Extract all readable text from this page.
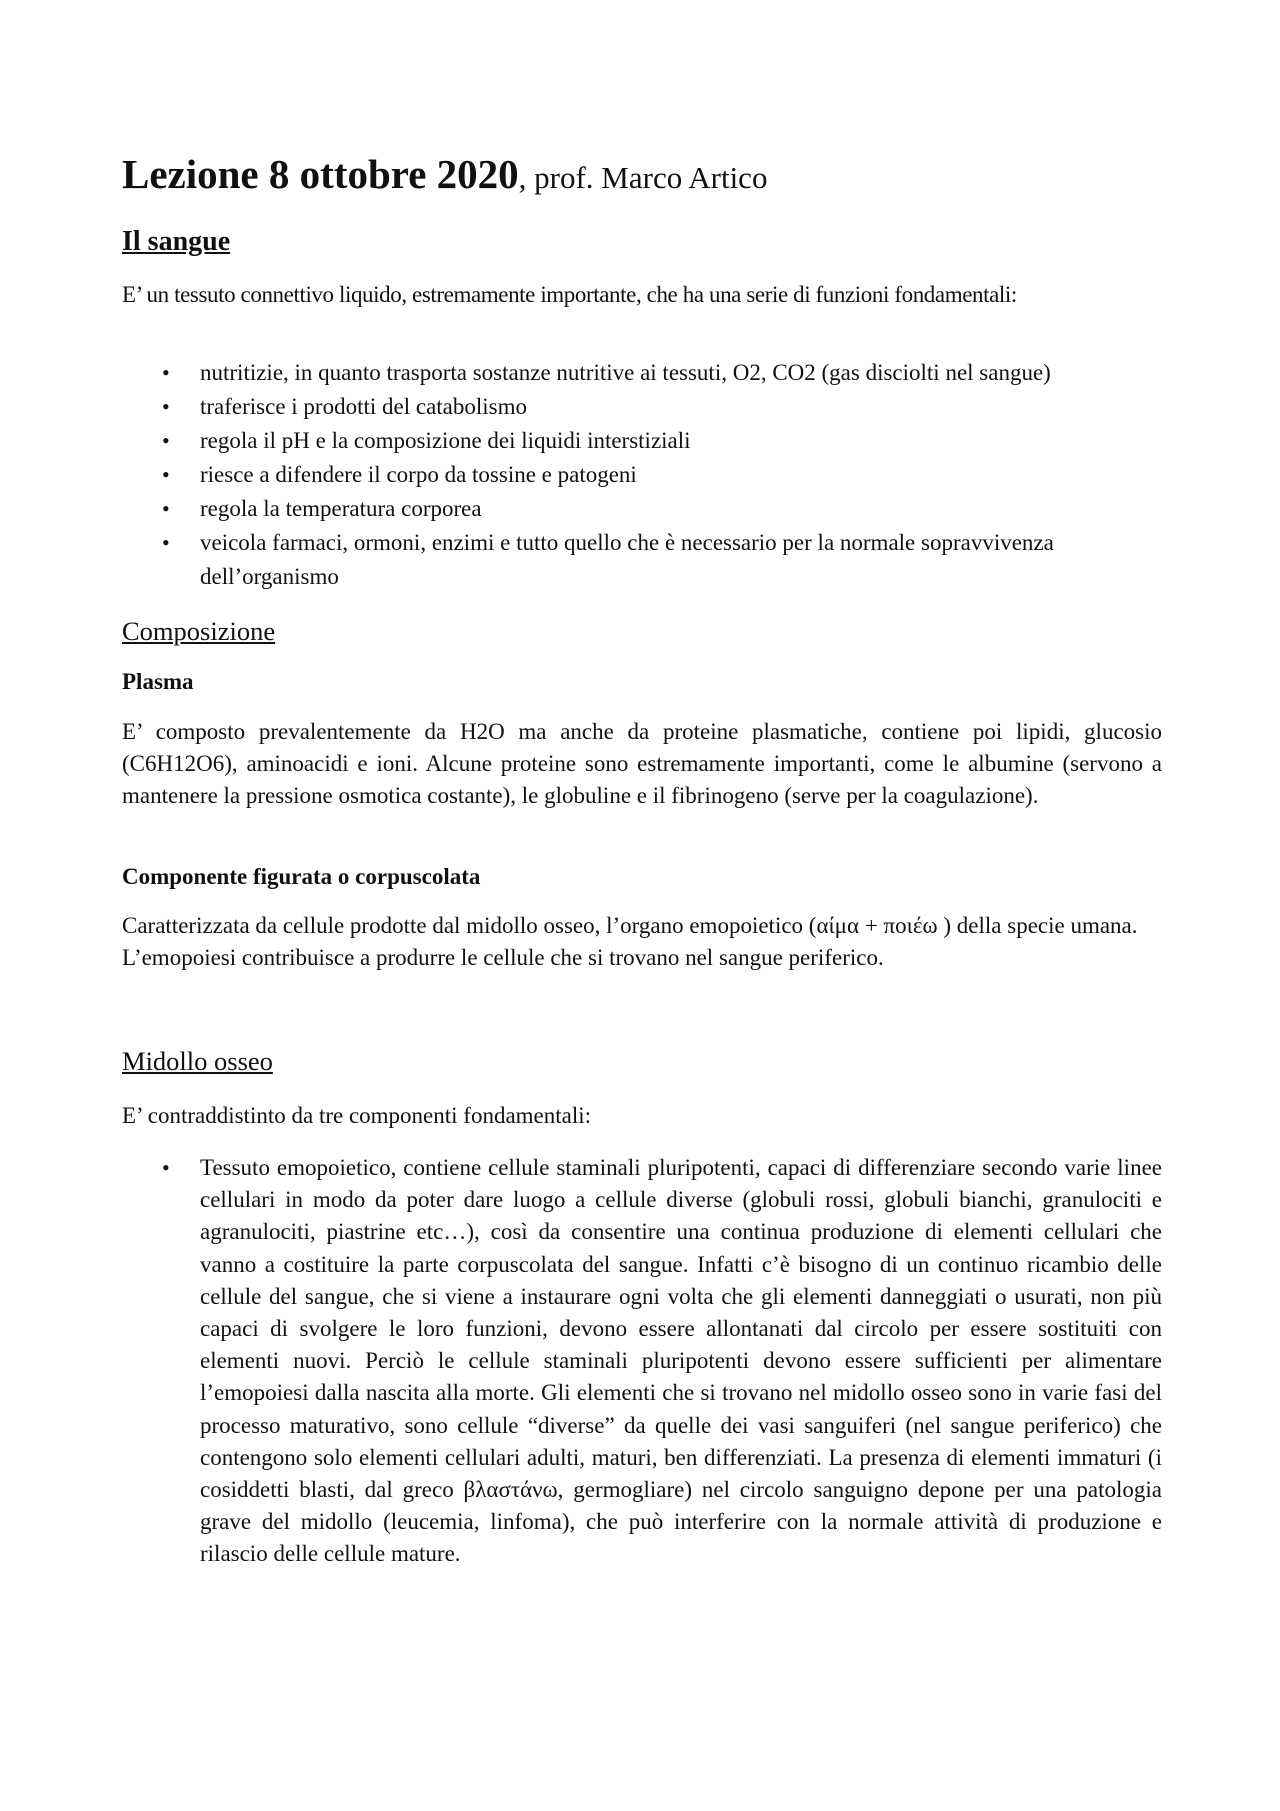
Lezione 8 ottobre 2020, prof. Marco Artico
Il sangue
E’ un tessuto connettivo liquido, estremamente importante, che ha una serie di funzioni fondamentali:
• nutritizie, in quanto trasporta sostanze nutritive ai tessuti, O2, CO2 (gas disciolti nel sangue)
• traferisce i prodotti del catabolismo
• regola il pH e la composizione dei liquidi interstiziali
• riesce a difendere il corpo da tossine e patogeni
• regola la temperatura corporea
• veicola farmaci, ormoni, enzimi e tutto quello che è necessario per la normale sopravvivenza dell’organismo
Composizione
Plasma
E’ composto prevalentemente da H2O ma anche da proteine plasmatiche, contiene poi lipidi, glucosio (C6H12O6), aminoacidi e ioni. Alcune proteine sono estremamente importanti, come le albumine (servono a mantenere la pressione osmotica costante), le globuline e il fibrinogeno (serve per la coagulazione).
Componente figurata o corpuscolata
Caratterizzata da cellule prodotte dal midollo osseo, l’organo emopoietico (αίμα + ποιέω ) della specie umana. L’emopoiesi contribuisce a produrre le cellule che si trovano nel sangue periferico.
Midollo osseo
E’ contraddistinto da tre componenti fondamentali:
• Tessuto emopoietico, contiene cellule staminali pluripotenti, capaci di differenziare secondo varie linee cellulari in modo da poter dare luogo a cellule diverse (globuli rossi, globuli bianchi, granulociti e agranulociti, piastrine etc…), così da consentire una continua produzione di elementi cellulari che vanno a costituire la parte corpuscolata del sangue. Infatti c’è bisogno di un continuo ricambio delle cellule del sangue, che si viene a instaurare ogni volta che gli elementi danneggiati o usurati, non più capaci di svolgere le loro funzioni, devono essere allontanati dal circolo per essere sostituiti con elementi nuovi. Perciò le cellule staminali pluripotenti devono essere sufficienti per alimentare l’emopoiesi dalla nascita alla morte. Gli elementi che si trovano nel midollo osseo sono in varie fasi del processo maturativo, sono cellule “diverse” da quelle dei vasi sanguiferi (nel sangue periferico) che contengono solo elementi cellulari adulti, maturi, ben differenziati. La presenza di elementi immaturi (i cosiddetti blasti, dal greco βλαστάνω, germogliare) nel circolo sanguigno depone per una patologia grave del midollo (leucemia, linfoma), che può interferire con la normale attività di produzione e rilascio delle cellule mature.
